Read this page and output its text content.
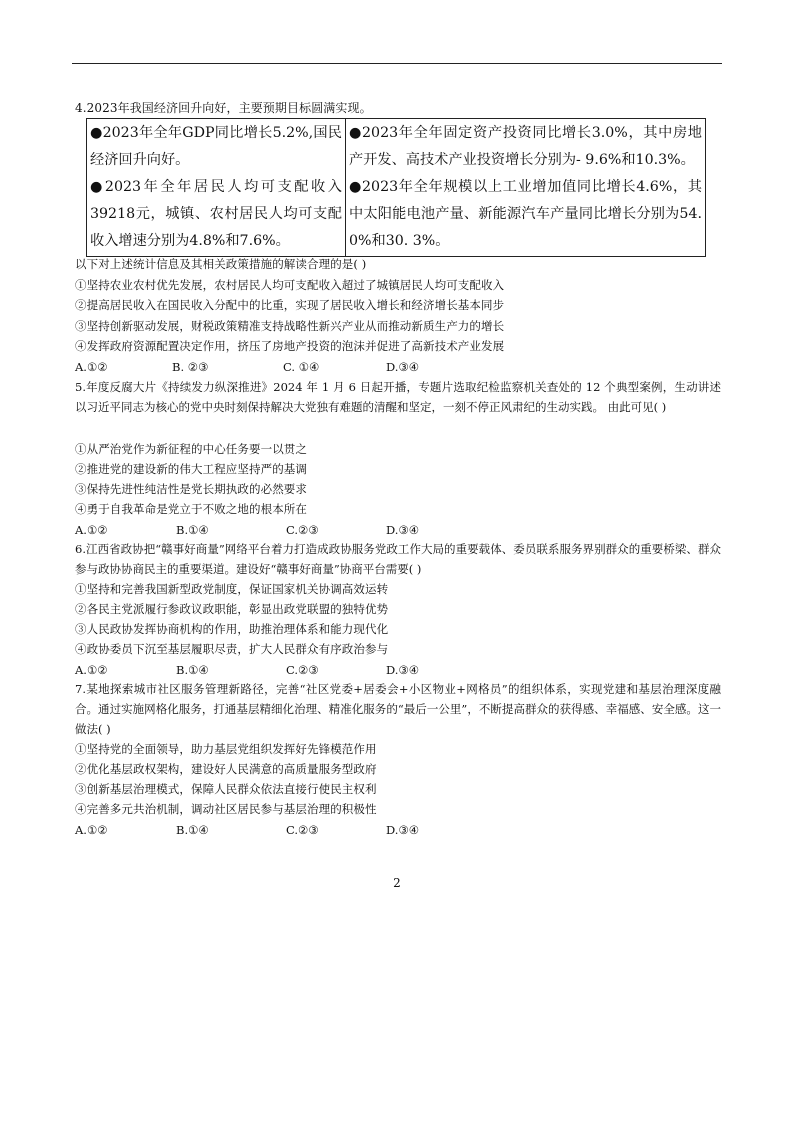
4.2023年我国经济回升向好，主要预期目标圆满实现。
●2023年全年GDP同比增长5.2%,国民经济回升向好。
●2023年全年居民人均可支配收入39218元，城镇、农村居民人均可支配收入增速分别为4.8%和7.6%。

●2023年全年固定资产投资同比增长3.0%，其中房地产开发、高技术产业投资增长分别为- 9.6%和10.3%。
●2023年全年规模以上工业增加值同比增长4.6%，其中太阳能电池产量、新能源汽车产量同比增长分别为54. 0%和30. 3%。
以下对上述统计信息及其相关政策措施的解读合理的是( )
①坚持农业农村优先发展，农村居民人均可支配收入超过了城镇居民人均可支配收入
②提高居民收入在国民收入分配中的比重，实现了居民收入增长和经济增长基本同步
③坚持创新驱动发展，财税政策精准支持战略性新兴产业从而推动新质生产力的增长
④发挥政府资源配置决定作用，挤压了房地产投资的泡沫并促进了高新技术产业发展
A.①②	B. ②③	C. ①④	D.③④
5.年度反腐大片《持续发力纵深推进》2024 年 1 月 6 日起开播，专题片选取纪检监察机关查处的 12 个典型案例，生动讲述以习近平同志为核心的党中央时刻保持解决大党独有难题的清醒和坚定，一刻不停正风肃纪的生动实践。 由此可见( )
①从严治党作为新征程的中心任务要一以贯之
②推进党的建设新的伟大工程应坚持严的基调
③保持先进性纯洁性是党长期执政的必然要求
④勇于自我革命是党立于不败之地的根本所在
A.①②	B.①④	C.②③	D.③④
6.江西省政协把“赣事好商量”网络平台着力打造成政协服务党政工作大局的重要载体、委员联系服务界别群众的重要桥梁、群众参与政协协商民主的重要渠道。建设好“赣事好商量”协商平台需要( )
①坚持和完善我国新型政党制度，保证国家机关协调高效运转
②各民主党派履行参政议政职能，彰显出政党联盟的独特优势
③人民政协发挥协商机构的作用，助推治理体系和能力现代化
④政协委员下沉至基层履职尽责，扩大人民群众有序政治参与
A.①②	B.①④	C.②③	D.③④
7.某地探索城市社区服务管理新路径，完善“社区党委+居委会+小区物业+网格员”的组织体系，实现党建和基层治理深度融合。通过实施网格化服务，打通基层精细化治理、精准化服务的“最后一公里”，不断提高群众的获得感、幸福感、安全感。这一做法( )
①坚持党的全面领导，助力基层党组织发挥好先锋模范作用
②优化基层政权架构，建设好人民满意的高质量服务型政府
③创新基层治理模式，保障人民群众依法直接行使民主权利
④完善多元共治机制，调动社区居民参与基层治理的积极性
A.①②	B.①④	C.②③	D.③④
2
